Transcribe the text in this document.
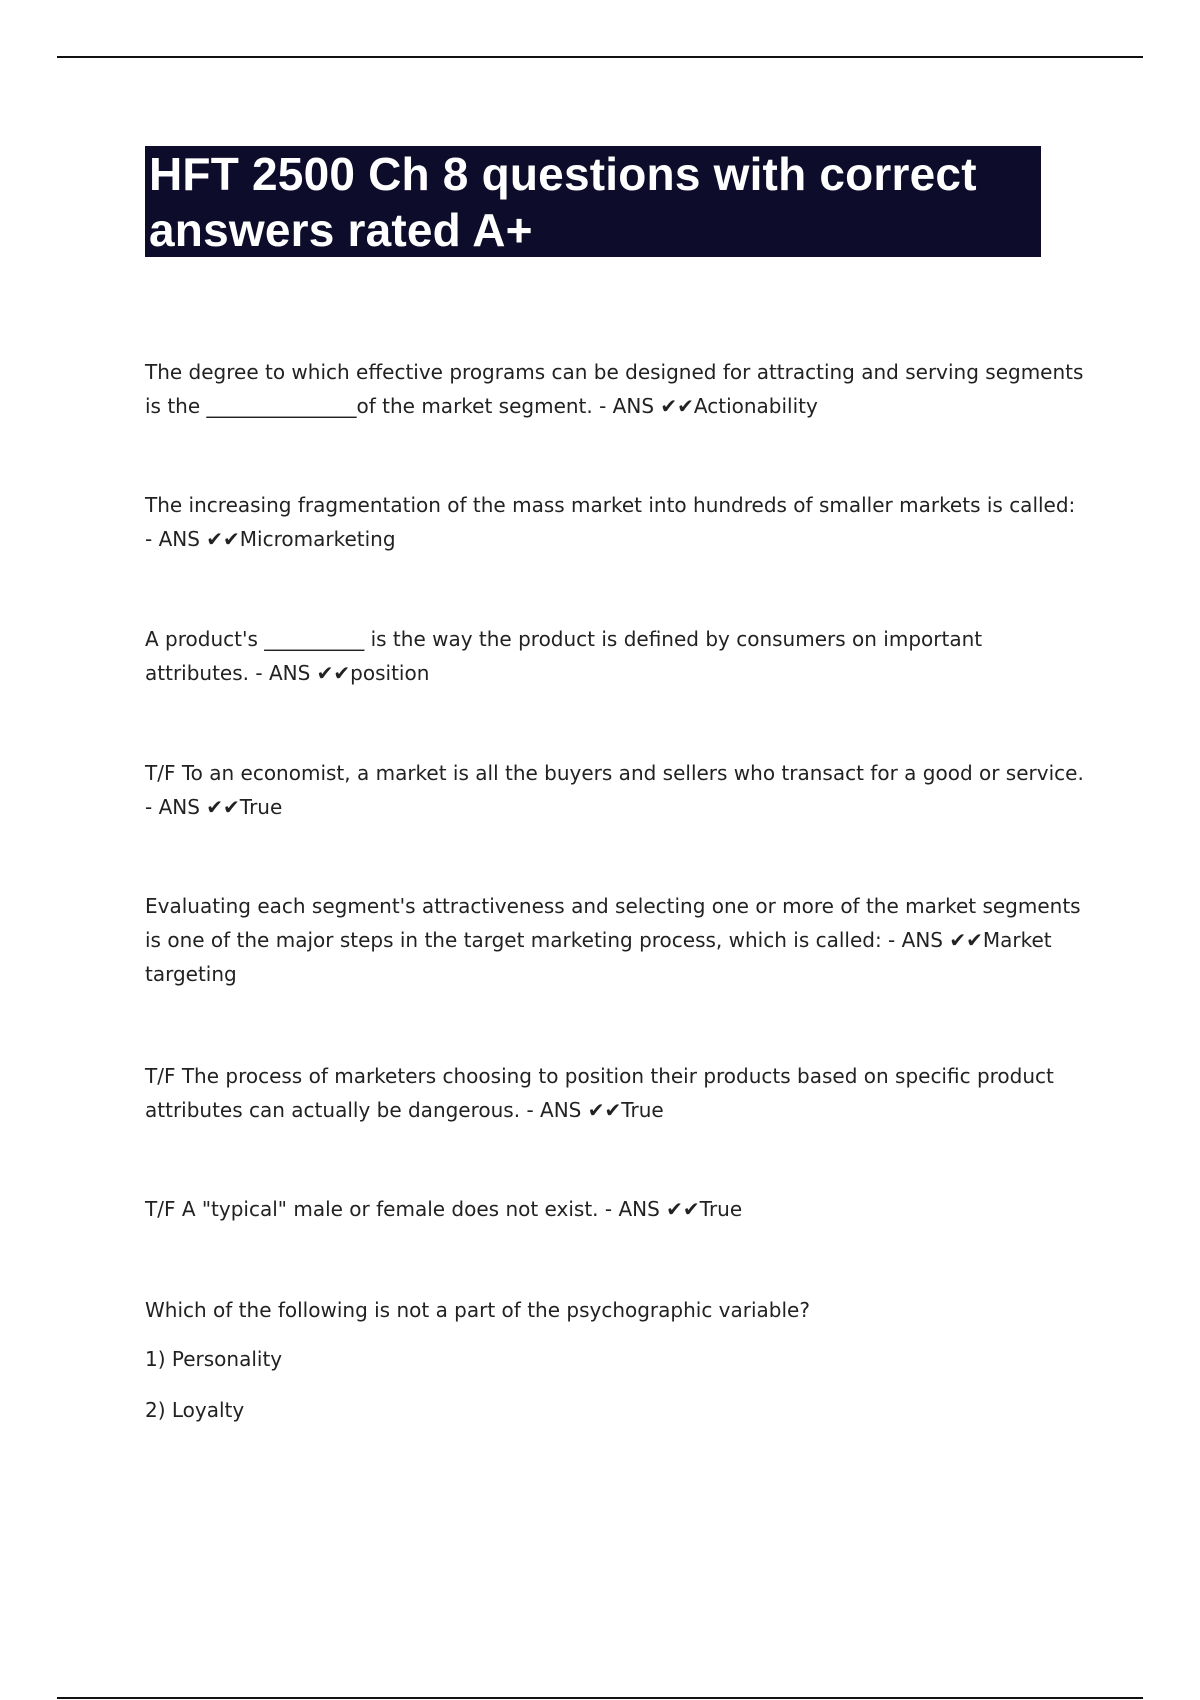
HFT 2500 Ch 8 questions with correct answers rated A+

The degree to which effective programs can be designed for attracting and serving segments is the _______________of the market segment. - ANS ✔✔Actionability

The increasing fragmentation of the mass market into hundreds of smaller markets is called: - ANS ✔✔Micromarketing

A product's __________ is the way the product is defined by consumers on important attributes. - ANS ✔✔position

T/F To an economist, a market is all the buyers and sellers who transact for a good or service. - ANS ✔✔True

Evaluating each segment's attractiveness and selecting one or more of the market segments is one of the major steps in the target marketing process, which is called: - ANS ✔✔Market targeting

T/F The process of marketers choosing to position their products based on specific product attributes can actually be dangerous. - ANS ✔✔True

T/F A "typical" male or female does not exist. - ANS ✔✔True

Which of the following is not a part of the psychographic variable?

1) Personality

2) Loyalty
